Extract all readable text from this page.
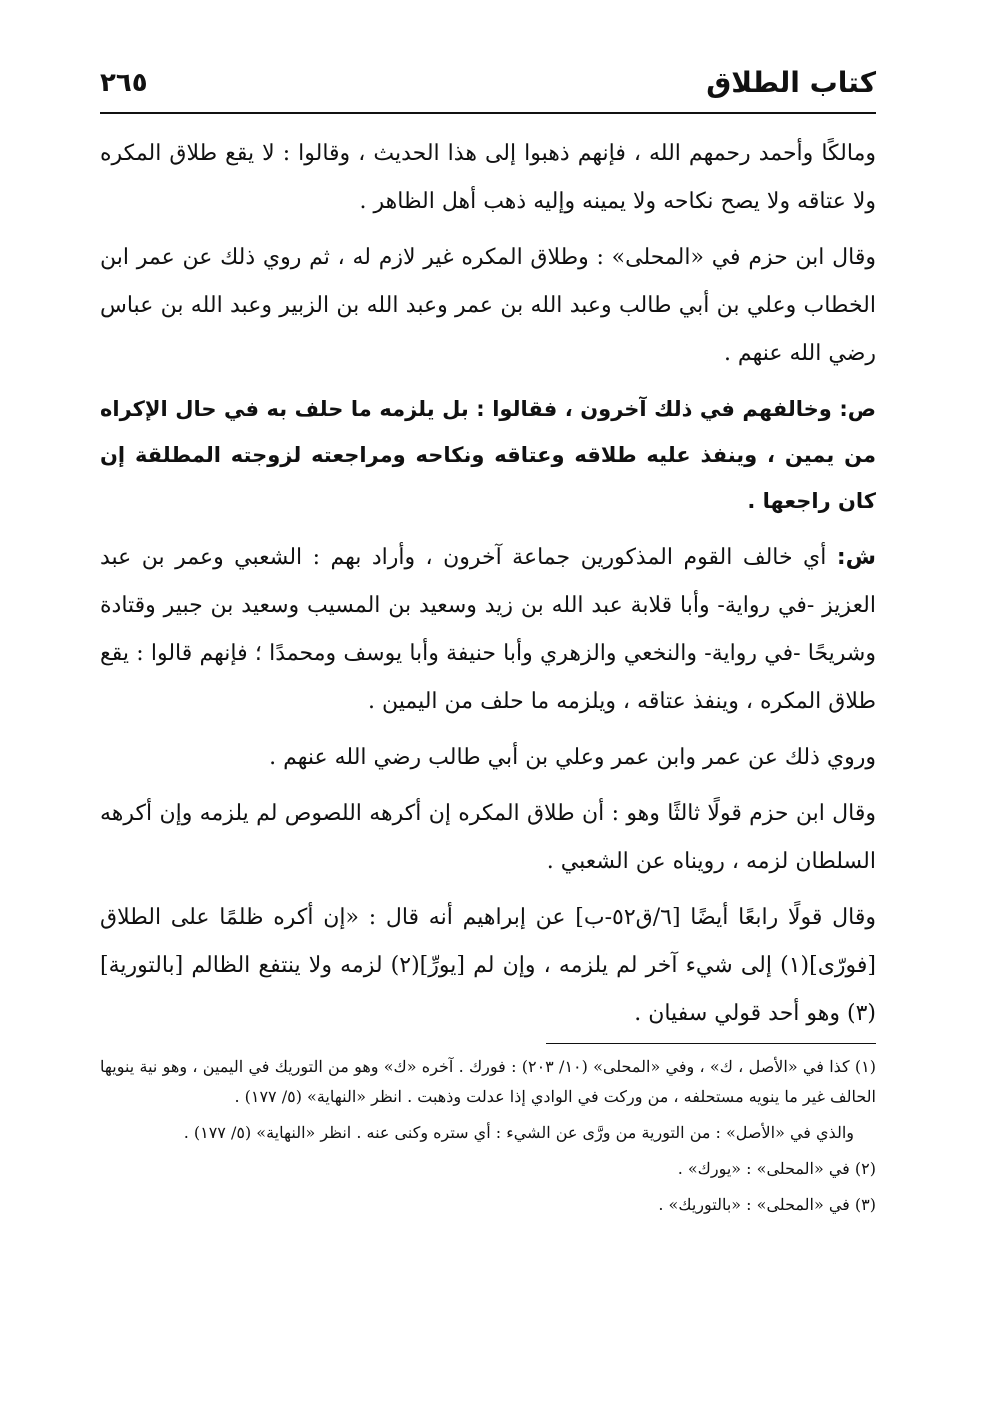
كتاب الطلاق
٢٦٥

ومالكًا وأحمد رحمهم الله ، فإنهم ذهبوا إلى هذا الحديث ، وقالوا : لا يقع طلاق المكره ولا عتاقه ولا يصح نكاحه ولا يمينه وإليه ذهب أهل الظاهر .

وقال ابن حزم في «المحلى» : وطلاق المكره غير لازم له ، ثم روي ذلك عن عمر ابن الخطاب وعلي بن أبي طالب وعبد الله بن عمر وعبد الله بن الزبير وعبد الله بن عباس رضي الله عنهم .

ص: وخالفهم في ذلك آخرون ، فقالوا : بل يلزمه ما حلف به في حال الإكراه من يمين ، وينفذ عليه طلاقه وعتاقه ونكاحه ومراجعته لزوجته المطلقة إن كان راجعها .

ش: أي خالف القوم المذكورين جماعة آخرون ، وأراد بهم : الشعبي وعمر بن عبد العزيز -في رواية- وأبا قلابة عبد الله بن زيد وسعيد بن المسيب وسعيد بن جبير وقتادة وشريحًا -في رواية- والنخعي والزهري وأبا حنيفة وأبا يوسف ومحمدًا ؛ فإنهم قالوا : يقع طلاق المكره ، وينفذ عتاقه ، ويلزمه ما حلف من اليمين .

وروي ذلك عن عمر وابن عمر وعلي بن أبي طالب رضي الله عنهم .

وقال ابن حزم قولًا ثالثًا وهو : أن طلاق المكره إن أكرهه اللصوص لم يلزمه وإن أكرهه السلطان لزمه ، رويناه عن الشعبي .

وقال قولًا رابعًا أيضًا [٦/ق٥٢-ب] عن إبراهيم أنه قال : «إن أكره ظلمًا على الطلاق [فورّى](١) إلى شيء آخر لم يلزمه ، وإن لم [يورِّ](٢) لزمه ولا ينتفع الظالم [بالتورية](٣) وهو أحد قولي سفيان .

(١) كذا في «الأصل ، ك» ، وفي «المحلى» (١٠/ ٢٠٣) : فورك . آخره «ك» وهو من التوريك في اليمين ، وهو نية ينويها الحالف غير ما ينويه مستحلفه ، من وركت في الوادي إذا عدلت وذهبت . انظر «النهاية» (٥/ ١٧٧) .

والذي في «الأصل» : من التورية من ورَّى عن الشيء : أي ستره وكنى عنه . انظر «النهاية» (٥/ ١٧٧) .

(٢) في «المحلى» : «يورك» .

(٣) في «المحلى» : «بالتوريك» .
